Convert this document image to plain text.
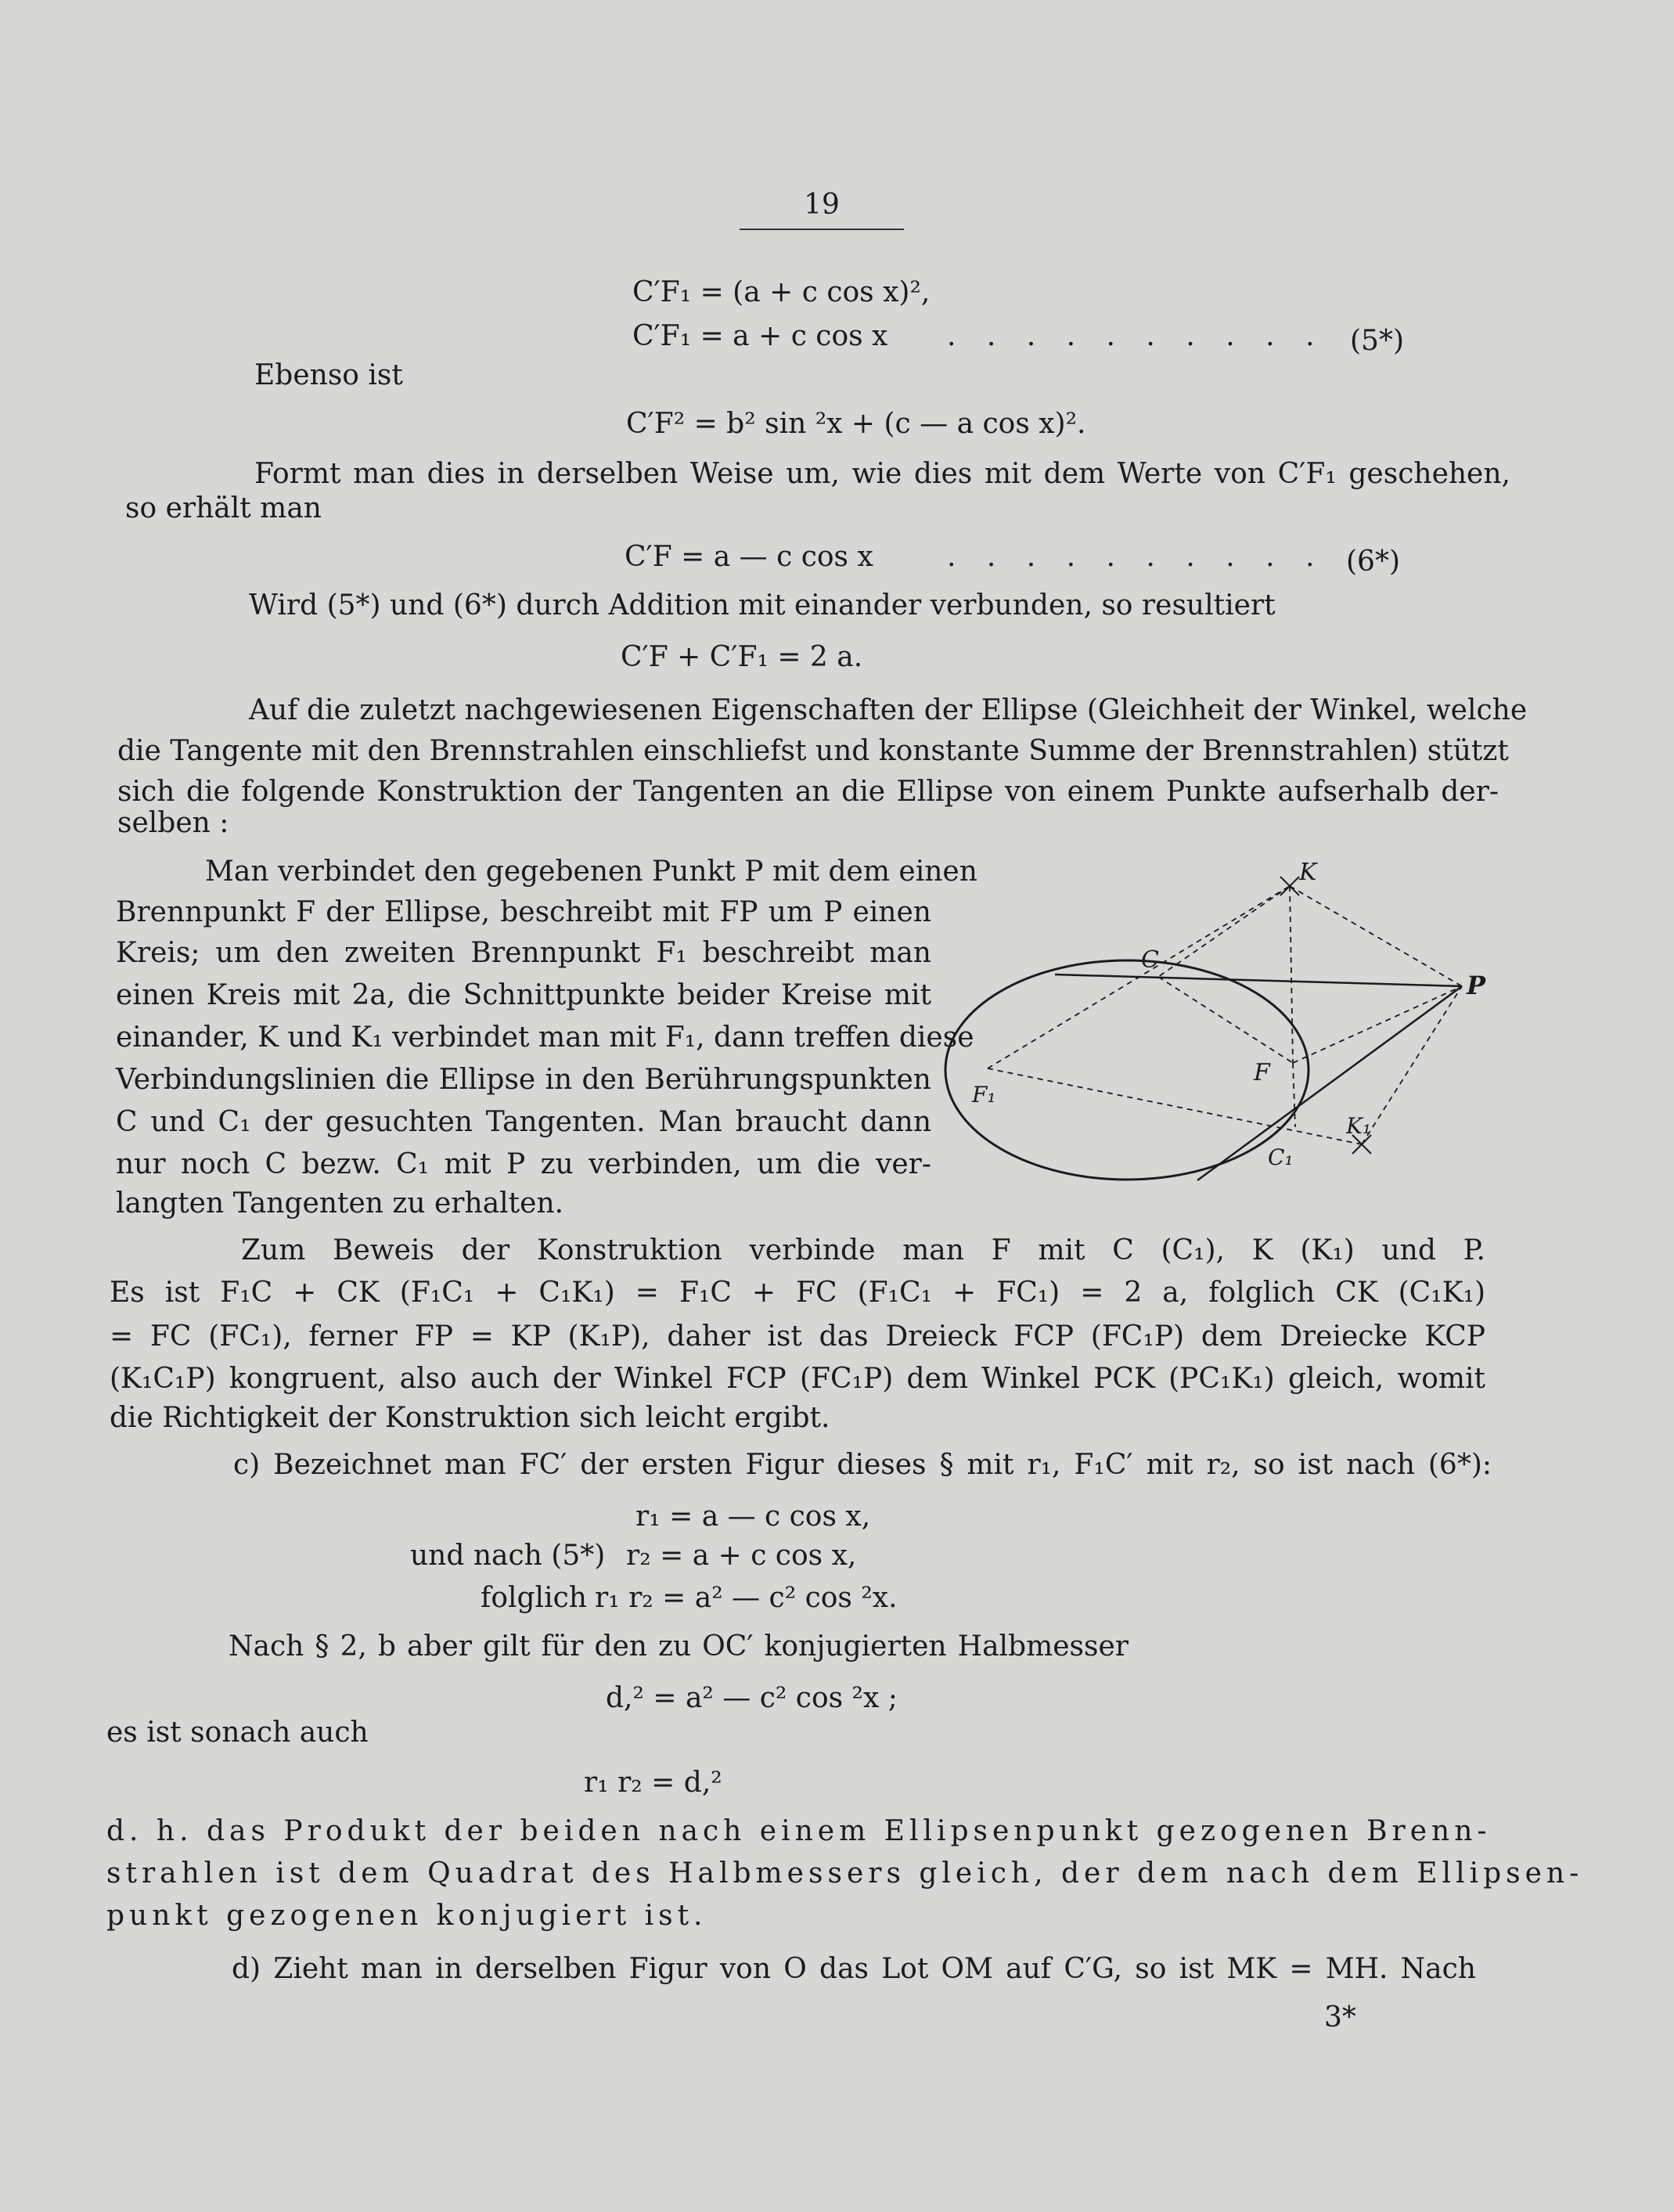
19
C′F₁ = (a + c cos x)²,
C′F₁ = a + c cos x . . . . . . . . . . (5*)
Ebenso ist
C′F² = b² sin ²x + (c — a cos x)².
Formt man dies in derselben Weise um, wie dies mit dem Werte von C′F₁ geschehen,
so erhält man
C′F = a — c cos x	. . . . . . . . . . (6*)
Wird (5*) und (6*) durch Addition mit einander verbunden, so resultiert
C′F + C′F₁ = 2 a.
Auf die zuletzt nachgewiesenen Eigenschaften der Ellipse (Gleichheit der Winkel, welche
die Tangente mit den Brennstrahlen einschliefst und konstante Summe der Brennstrahlen) stützt
sich die folgende Konstruktion der Tangenten an die Ellipse von einem Punkte aufserhalb der-
selben :
Man verbindet den gegebenen Punkt P mit dem einen
Brennpunkt F der Ellipse, beschreibt mit FP um P einen
Kreis; um den zweiten Brennpunkt F₁ beschreibt man
einen Kreis mit 2a, die Schnittpunkte beider Kreise mit
einander, K und K₁ verbindet man mit F₁, dann treffen diese
Verbindungslinien die Ellipse in den Berührungspunkten
C und C₁ der gesuchten Tangenten. Man braucht dann
nur noch C bezw. C₁ mit P zu verbinden, um die ver-
langten Tangenten zu erhalten.
K
C
P
F
F₁
C₁
K₁
Zum Beweis der Konstruktion verbinde man F mit C (C₁), K (K₁) und P.
Es ist F₁C + CK (F₁C₁ + C₁K₁) = F₁C + FC (F₁C₁ + FC₁) = 2 a, folglich CK (C₁K₁)
= FC (FC₁), ferner FP = KP (K₁P), daher ist das Dreieck FCP (FC₁P) dem Dreiecke KCP
(K₁C₁P) kongruent, also auch der Winkel FCP (FC₁P) dem Winkel PCK (PC₁K₁) gleich, womit
die Richtigkeit der Konstruktion sich leicht ergibt.
c) Bezeichnet man FC′ der ersten Figur dieses § mit r₁, F₁C′ mit r₂, so ist nach (6*):
r₁ = a — c cos x,
und nach (5*) r₂ = a + c cos x,
folglich r₁ r₂ = a² — c² cos ²x.
Nach § 2, b aber gilt für den zu OC′ konjugierten Halbmesser
d,² = a² — c² cos ²x ;
es ist sonach auch
r₁ r₂ = d,²
d. h. das Produkt der beiden nach einem Ellipsenpunkt gezogenen Brenn-
strahlen ist dem Quadrat des Halbmessers gleich, der dem nach dem Ellipsen-
punkt gezogenen konjugiert ist.
d) Zieht man in derselben Figur von O das Lot OM auf C′G, so ist MK = MH. Nach
3*
